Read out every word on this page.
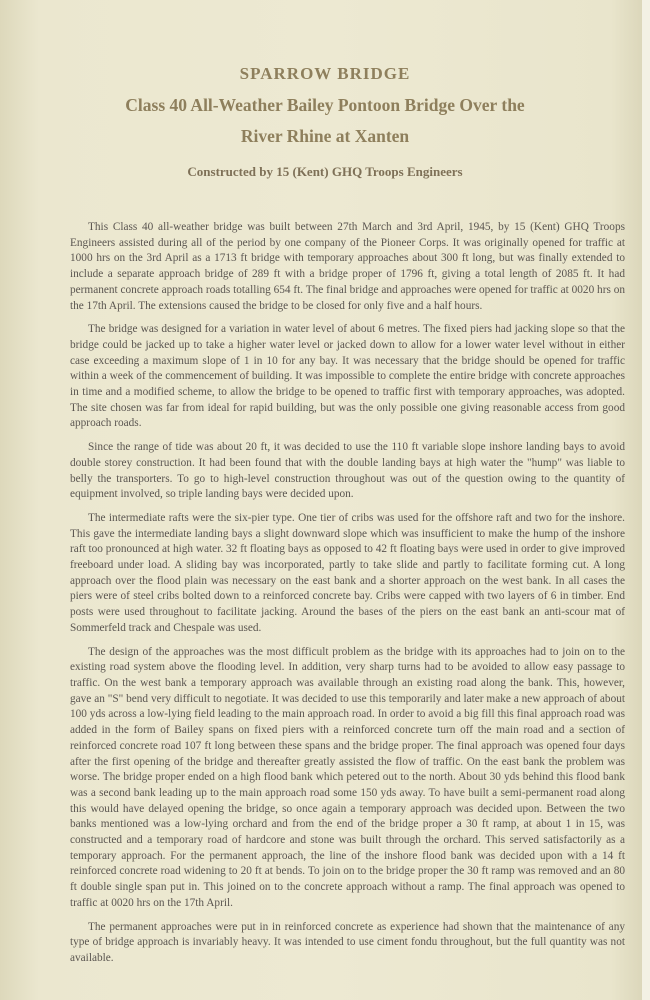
SPARROW BRIDGE
Class 40 All-Weather Bailey Pontoon Bridge Over the
River Rhine at Xanten
Constructed by 15 (Kent) GHQ Troops Engineers

This Class 40 all-weather bridge was built between 27th March and 3rd April, 1945, by 15 (Kent) GHQ Troops Engineers assisted during all of the period by one company of the Pioneer Corps. It was originally opened for traffic at 1000 hrs on the 3rd April as a 1713 ft bridge with temporary approaches about 300 ft long, but was finally extended to include a separate approach bridge of 289 ft with a bridge proper of 1796 ft, giving a total length of 2085 ft. It had permanent concrete approach roads totalling 654 ft. The final bridge and approaches were opened for traffic at 0020 hrs on the 17th April. The extensions caused the bridge to be closed for only five and a half hours.

The bridge was designed for a variation in water level of about 6 metres. The fixed piers had jacking slope so that the bridge could be jacked up to take a higher water level or jacked down to allow for a lower water level without in either case exceeding a maximum slope of 1 in 10 for any bay. It was necessary that the bridge should be opened for traffic within a week of the commencement of building. It was impossible to complete the entire bridge with concrete approaches in time and a modified scheme, to allow the bridge to be opened to traffic first with temporary approaches, was adopted. The site chosen was far from ideal for rapid building, but was the only possible one giving reasonable access from good approach roads.

Since the range of tide was about 20 ft, it was decided to use the 110 ft variable slope inshore landing bays to avoid double storey construction. It had been found that with the double landing bays at high water the "hump" was liable to belly the transporters. To go to high-level construction throughout was out of the question owing to the quantity of equipment involved, so triple landing bays were decided upon.

The intermediate rafts were the six-pier type. One tier of cribs was used for the offshore raft and two for the inshore. This gave the intermediate landing bays a slight downward slope which was insufficient to make the hump of the inshore raft too pronounced at high water. 32 ft floating bays as opposed to 42 ft floating bays were used in order to give improved freeboard under load. A sliding bay was incorporated, partly to take slide and partly to facilitate forming cut. A long approach over the flood plain was necessary on the east bank and a shorter approach on the west bank. In all cases the piers were of steel cribs bolted down to a reinforced concrete bay. Cribs were capped with two layers of 6 in timber. End posts were used throughout to facilitate jacking. Around the bases of the piers on the east bank an anti-scour mat of Sommerfeld track and Chespale was used.

The design of the approaches was the most difficult problem as the bridge with its approaches had to join on to the existing road system above the flooding level. In addition, very sharp turns had to be avoided to allow easy passage to traffic. On the west bank a temporary approach was available through an existing road along the bank. This, however, gave an "S" bend very difficult to negotiate. It was decided to use this temporarily and later make a new approach of about 100 yds across a low-lying field leading to the main approach road. In order to avoid a big fill this final approach road was added in the form of Bailey spans on fixed piers with a reinforced concrete turn off the main road and a section of reinforced concrete road 107 ft long between these spans and the bridge proper. The final approach was opened four days after the first opening of the bridge and thereafter greatly assisted the flow of traffic. On the east bank the problem was worse. The bridge proper ended on a high flood bank which petered out to the north. About 30 yds behind this flood bank was a second bank leading up to the main approach road some 150 yds away. To have built a semi-permanent road along this would have delayed opening the bridge, so once again a temporary approach was decided upon. Between the two banks mentioned was a low-lying orchard and from the end of the bridge proper a 30 ft ramp, at about 1 in 15, was constructed and a temporary road of hardcore and stone was built through the orchard. This served satisfactorily as a temporary approach. For the permanent approach, the line of the inshore flood bank was decided upon with a 14 ft reinforced concrete road widening to 20 ft at bends. To join on to the bridge proper the 30 ft ramp was removed and an 80 ft double single span put in. This joined on to the concrete approach without a ramp. The final approach was opened to traffic at 0020 hrs on the 17th April.

The permanent approaches were put in in reinforced concrete as experience had shown that the maintenance of any type of bridge approach is invariably heavy. It was intended to use ciment fondu throughout, but the full quantity was not available.
